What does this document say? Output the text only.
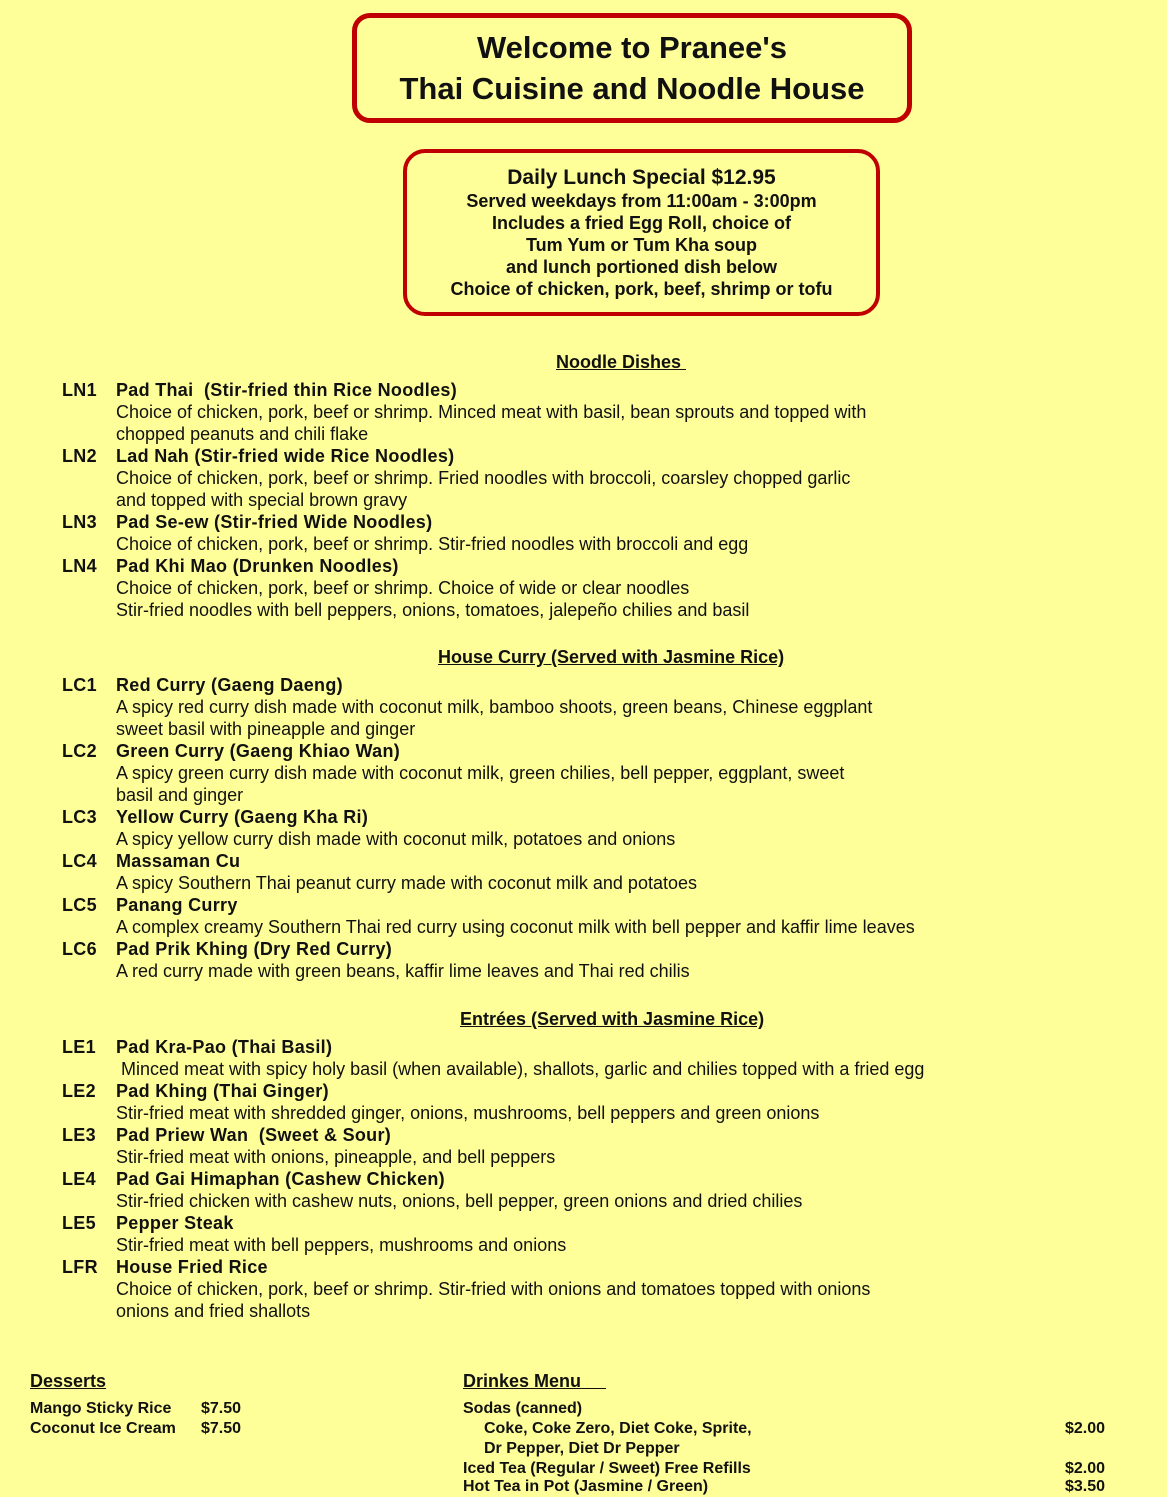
Welcome to Pranee's
Thai Cuisine and Noodle House
Daily Lunch Special $12.95
Served weekdays from 11:00am - 3:00pm
Includes a fried Egg Roll, choice of
Tum Yum or Tum Kha soup
and lunch portioned dish below
Choice of chicken, pork, beef, shrimp or tofu
Noodle Dishes
LN1 Pad Thai  (Stir-fried thin Rice Noodles)
Choice of chicken, pork, beef or shrimp. Minced meat with basil, bean sprouts and topped with
chopped peanuts and chili flake
LN2 Lad Nah (Stir-fried wide Rice Noodles)
Choice of chicken, pork, beef or shrimp. Fried noodles with broccoli, coarsley chopped garlic
and topped with special brown gravy
LN3 Pad Se-ew (Stir-fried Wide Noodles)
Choice of chicken, pork, beef or shrimp. Stir-fried noodles with broccoli and egg
LN4 Pad Khi Mao (Drunken Noodles)
Choice of chicken, pork, beef or shrimp. Choice of wide or clear noodles
Stir-fried noodles with bell peppers, onions, tomatoes, jalepeño chilies and basil
House Curry (Served with Jasmine Rice)
LC1 Red Curry (Gaeng Daeng)
A spicy red curry dish made with coconut milk, bamboo shoots, green beans, Chinese eggplant
sweet basil with pineapple and ginger
LC2 Green Curry (Gaeng Khiao Wan)
A spicy green curry dish made with coconut milk, green chilies, bell pepper, eggplant, sweet
basil and ginger
LC3 Yellow Curry (Gaeng Kha Ri)
A spicy yellow curry dish made with coconut milk, potatoes and onions
LC4 Massaman Cu
A spicy Southern Thai peanut curry made with coconut milk and potatoes
LC5 Panang Curry
A complex creamy Southern Thai red curry using coconut milk with bell pepper and kaffir lime leaves
LC6 Pad Prik Khing (Dry Red Curry)
A red curry made with green beans, kaffir lime leaves and Thai red chilis
Entrées (Served with Jasmine Rice)
LE1 Pad Kra-Pao (Thai Basil)
Minced meat with spicy holy basil (when available), shallots, garlic and chilies topped with a fried egg
LE2 Pad Khing (Thai Ginger)
Stir-fried meat with shredded ginger, onions, mushrooms, bell peppers and green onions
LE3 Pad Priew Wan  (Sweet & Sour)
Stir-fried meat with onions, pineapple, and bell peppers
LE4 Pad Gai Himaphan (Cashew Chicken)
Stir-fried chicken with cashew nuts, onions, bell pepper, green onions and dried chilies
LE5 Pepper Steak
Stir-fried meat with bell peppers, mushrooms and onions
LFR House Fried Rice
Choice of chicken, pork, beef or shrimp. Stir-fried with onions and tomatoes topped with onions
onions and fried shallots
Desserts
Mango Sticky Rice $7.50
Coconut Ice Cream $7.50
Drinkes Menu
Sodas (canned)
Coke, Coke Zero, Diet Coke, Sprite,	$2.00
Dr Pepper, Diet Dr Pepper
Iced Tea (Regular / Sweet) Free Refills	$2.00
Hot Tea in Pot (Jasmine / Green)	$3.50
